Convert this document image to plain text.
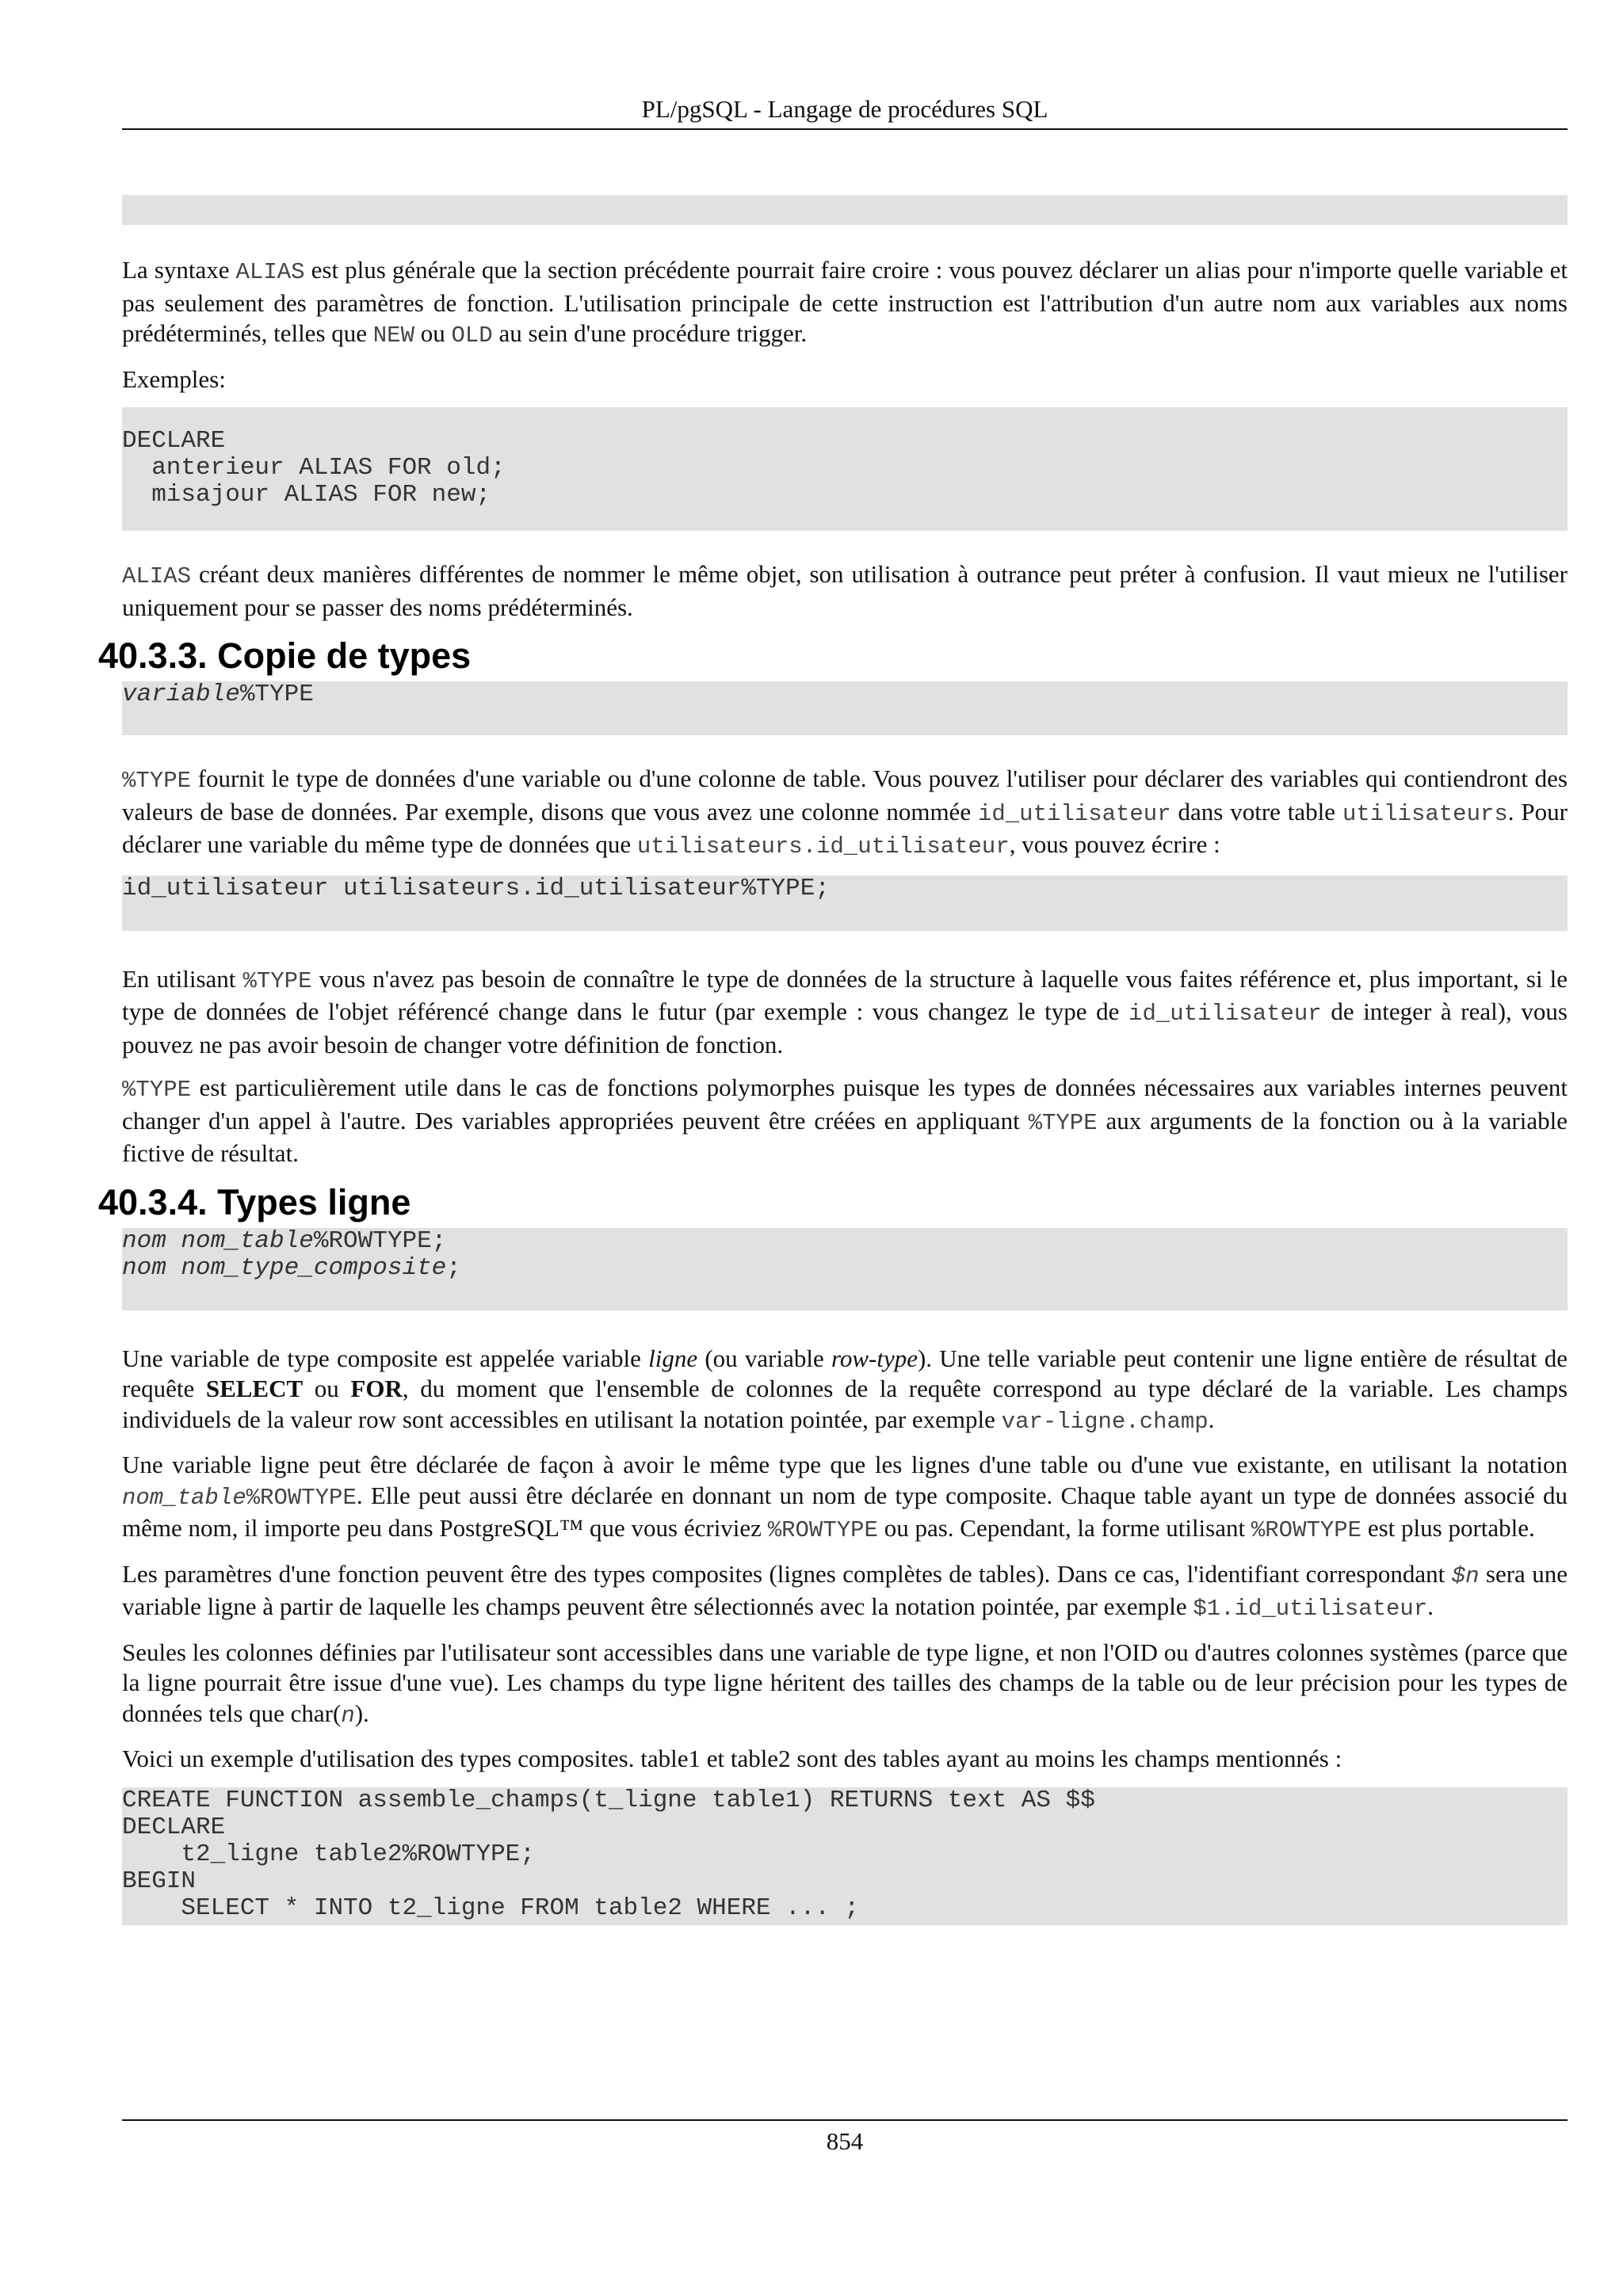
PL/pgSQL - Langage de procédures SQL

La syntaxe ALIAS est plus générale que la section précédente pourrait faire croire : vous pouvez déclarer un alias pour n'importe quelle variable et pas seulement des paramètres de fonction. L'utilisation principale de cette instruction est l'attribution d'un autre nom aux variables aux noms prédéterminés, telles que NEW ou OLD au sein d'une procédure trigger.

Exemples:

DECLARE
anterieur ALIAS FOR old;
misajour ALIAS FOR new;

ALIAS créant deux manières différentes de nommer le même objet, son utilisation à outrance peut préter à confusion. Il vaut mieux ne l'utiliser uniquement pour se passer des noms prédéterminés.

40.3.3. Copie de types
variable%TYPE

%TYPE fournit le type de données d'une variable ou d'une colonne de table. Vous pouvez l'utiliser pour déclarer des variables qui contiendront des valeurs de base de données. Par exemple, disons que vous avez une colonne nommée id_utilisateur dans votre table utilisateurs. Pour déclarer une variable du même type de données que utilisateurs.id_utilisateur, vous pouvez écrire :

id_utilisateur utilisateurs.id_utilisateur%TYPE;

En utilisant %TYPE vous n'avez pas besoin de connaître le type de données de la structure à laquelle vous faites référence et, plus important, si le type de données de l'objet référencé change dans le futur (par exemple : vous changez le type de id_utilisateur de integer à real), vous pouvez ne pas avoir besoin de changer votre définition de fonction.

%TYPE est particulièrement utile dans le cas de fonctions polymorphes puisque les types de données nécessaires aux variables internes peuvent changer d'un appel à l'autre. Des variables appropriées peuvent être créées en appliquant %TYPE aux arguments de la fonction ou à la variable fictive de résultat.

40.3.4. Types ligne
nom nom_table%ROWTYPE;
nom nom_type_composite;

Une variable de type composite est appelée variable ligne (ou variable row-type). Une telle variable peut contenir une ligne entière de résultat de requête SELECT ou FOR, du moment que l'ensemble de colonnes de la requête correspond au type déclaré de la variable. Les champs individuels de la valeur row sont accessibles en utilisant la notation pointée, par exemple var-ligne.champ.

Une variable ligne peut être déclarée de façon à avoir le même type que les lignes d'une table ou d'une vue existante, en utilisant la notation nom_table%ROWTYPE. Elle peut aussi être déclarée en donnant un nom de type composite. Chaque table ayant un type de données associé du même nom, il importe peu dans PostgreSQL™ que vous écriviez %ROWTYPE ou pas. Cependant, la forme utilisant %ROWTYPE est plus portable.

Les paramètres d'une fonction peuvent être des types composites (lignes complètes de tables). Dans ce cas, l'identifiant correspondant $n sera une variable ligne à partir de laquelle les champs peuvent être sélectionnés avec la notation pointée, par exemple $1.id_utilisateur.

Seules les colonnes définies par l'utilisateur sont accessibles dans une variable de type ligne, et non l'OID ou d'autres colonnes systèmes (parce que la ligne pourrait être issue d'une vue). Les champs du type ligne héritent des tailles des champs de la table ou de leur précision pour les types de données tels que char(n).

Voici un exemple d'utilisation des types composites. table1 et table2 sont des tables ayant au moins les champs mentionnés :

CREATE FUNCTION assemble_champs(t_ligne table1) RETURNS text AS $$
DECLARE
t2_ligne table2%ROWTYPE;
BEGIN
SELECT * INTO t2_ligne FROM table2 WHERE ... ;
854
